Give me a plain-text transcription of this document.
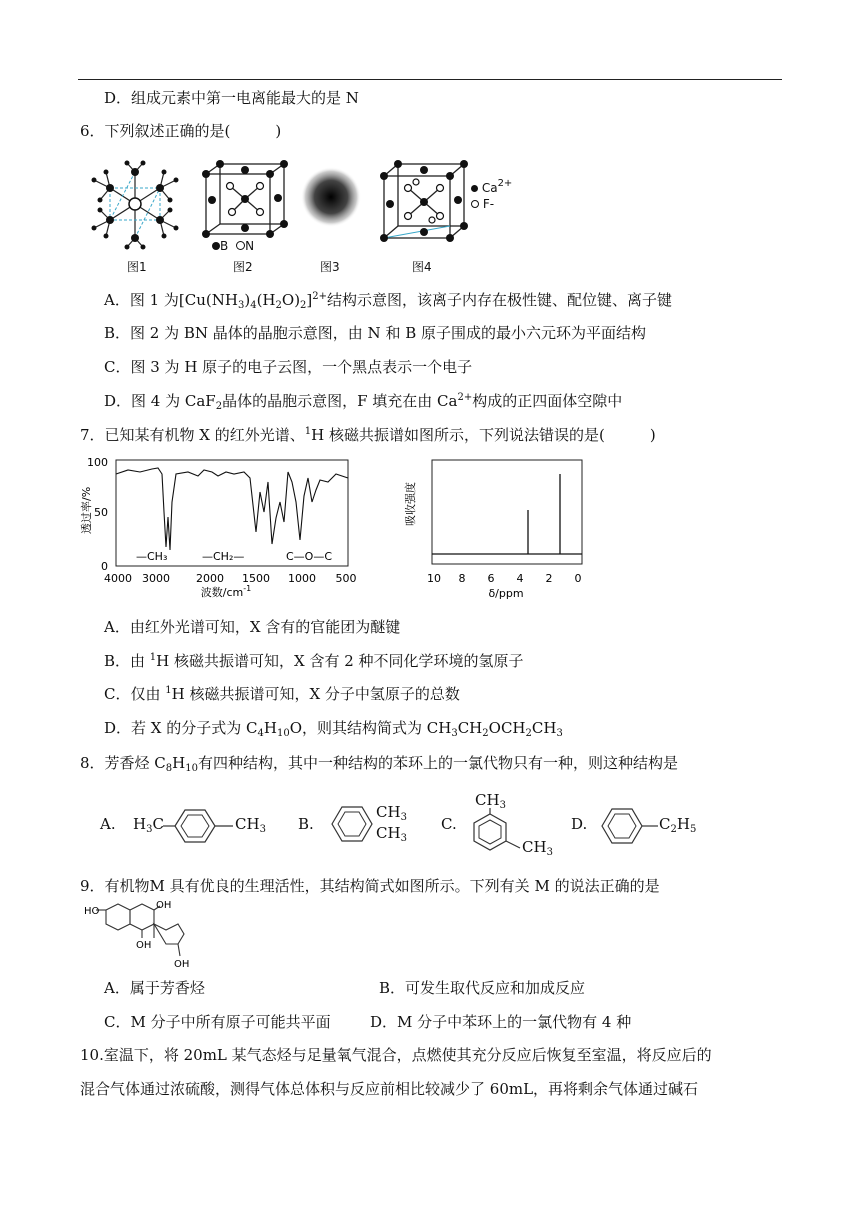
D．组成元素中第一电离能最大的是 N
6．下列叙述正确的是(　　　)
图1
B N
图2	图3
$Ca^{2+}$
F-
图4
A．图 1 为$[Cu(NH_3)_4(H_2O)_2]^{2+}$结构示意图，该离子内存在极性键、配位键、离子键
B．图 2 为 BN 晶体的晶胞示意图，由 N 和 B 原子围成的最小六元环为平面结构
C．图 3 为 H 原子的电子云图，一个黑点表示一个电子
D．图 4 为 CaF$_2$晶体的晶胞示意图，F 填充在由 $Ca^{2+}$构成的正四面体空隙中
7．已知某有机物 X 的红外光谱、$^1$H 核磁共振谱如图所示，下列说法错误的是(　　　)
100
50
0
透过率/%
—CH₃	—CH₂—	C—O—C
4000 3000 2000 1500 1000 500
波数$/cm^{-1}$
吸收强度
10 8 6 4 2 0
δ/ppm
A．由红外光谱可知，X 含有的官能团为醚键
B．由 $^1$H 核磁共振谱可知，X 含有 2 种不同化学环境的氢原子
C．仅由 $^1$H 核磁共振谱可知，X 分子中氢原子的总数
D．若 X 的分子式为 $C_4H_{10}O$，则其结构简式为 $CH_3CH_2OCH_2CH_3$
8．芳香烃 $C_8H_{10}$有四种结构，其中一种结构的苯环上的一氯代物只有一种，则这种结构是
A. $H_3C$	$CH_3$ B.
$CH_3$
$CH_3$
C.
$CH_3$
$CH_3$
D.	$C_2H_5$
9．有机物M 具有优良的生理活性，其结构简式如图所示。下列有关 M 的说法正确的是
HO
OH
OH
OH
A．属于芳香烃	B．可发生取代反应和加成反应
C．M 分子中所有原子可能共平面	D．M 分子中苯环上的一氯代物有 4 种
10.室温下，将 20mL 某气态烃与足量氧气混合，点燃使其充分反应后恢复至室温，将反应后的
混合气体通过浓硫酸，测得气体总体积与反应前相比较减少了 60mL，再将剩余气体通过碱石
